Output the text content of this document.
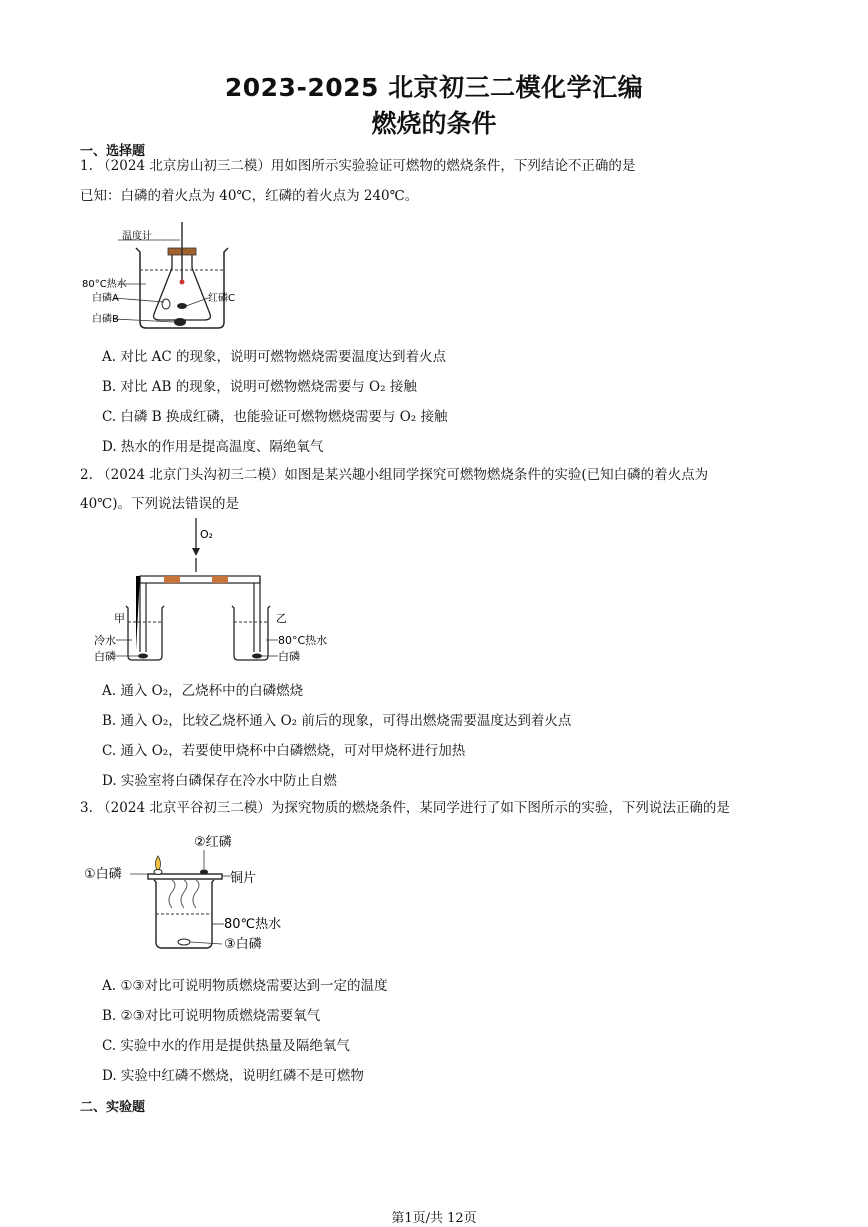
2023-2025 北京初三二模化学汇编
燃烧的条件
一、选择题
1. （2024 北京房山初三二模）用如图所示实验验证可燃物的燃烧条件，下列结论不正确的是
已知：白磷的着火点为 40℃，红磷的着火点为 240℃。
温度计
80°C热水
白磷A	红磷C
白磷B
A. 对比 AC 的现象，说明可燃物燃烧需要温度达到着火点
B. 对比 AB 的现象，说明可燃物燃烧需要与 O₂ 接触
C. 白磷 B 换成红磷，也能验证可燃物燃烧需要与 O₂ 接触
D. 热水的作用是提高温度、隔绝氧气
2. （2024 北京门头沟初三二模）如图是某兴趣小组同学探究可燃物燃烧条件的实验(已知白磷的着火点为
40℃)。下列说法错误的是
O₂
甲
冷水
白磷
乙
80°C热水
白磷
A. 通入 O₂，乙烧杯中的白磷燃烧
B. 通入 O₂，比较乙烧杯通入 O₂ 前后的现象，可得出燃烧需要温度达到着火点
C. 通入 O₂，若要使甲烧杯中白磷燃烧，可对甲烧杯进行加热
D. 实验室将白磷保存在冷水中防止自燃
3. （2024 北京平谷初三二模）为探究物质的燃烧条件，某同学进行了如下图所示的实验，下列说法正确的是
②红磷
①白磷	铜片
80℃热水
③白磷
A. ①③对比可说明物质燃烧需要达到一定的温度
B. ②③对比可说明物质燃烧需要氧气
C. 实验中水的作用是提供热量及隔绝氧气
D. 实验中红磷不燃烧，说明红磷不是可燃物
二、实验题
第1页/共 12页
